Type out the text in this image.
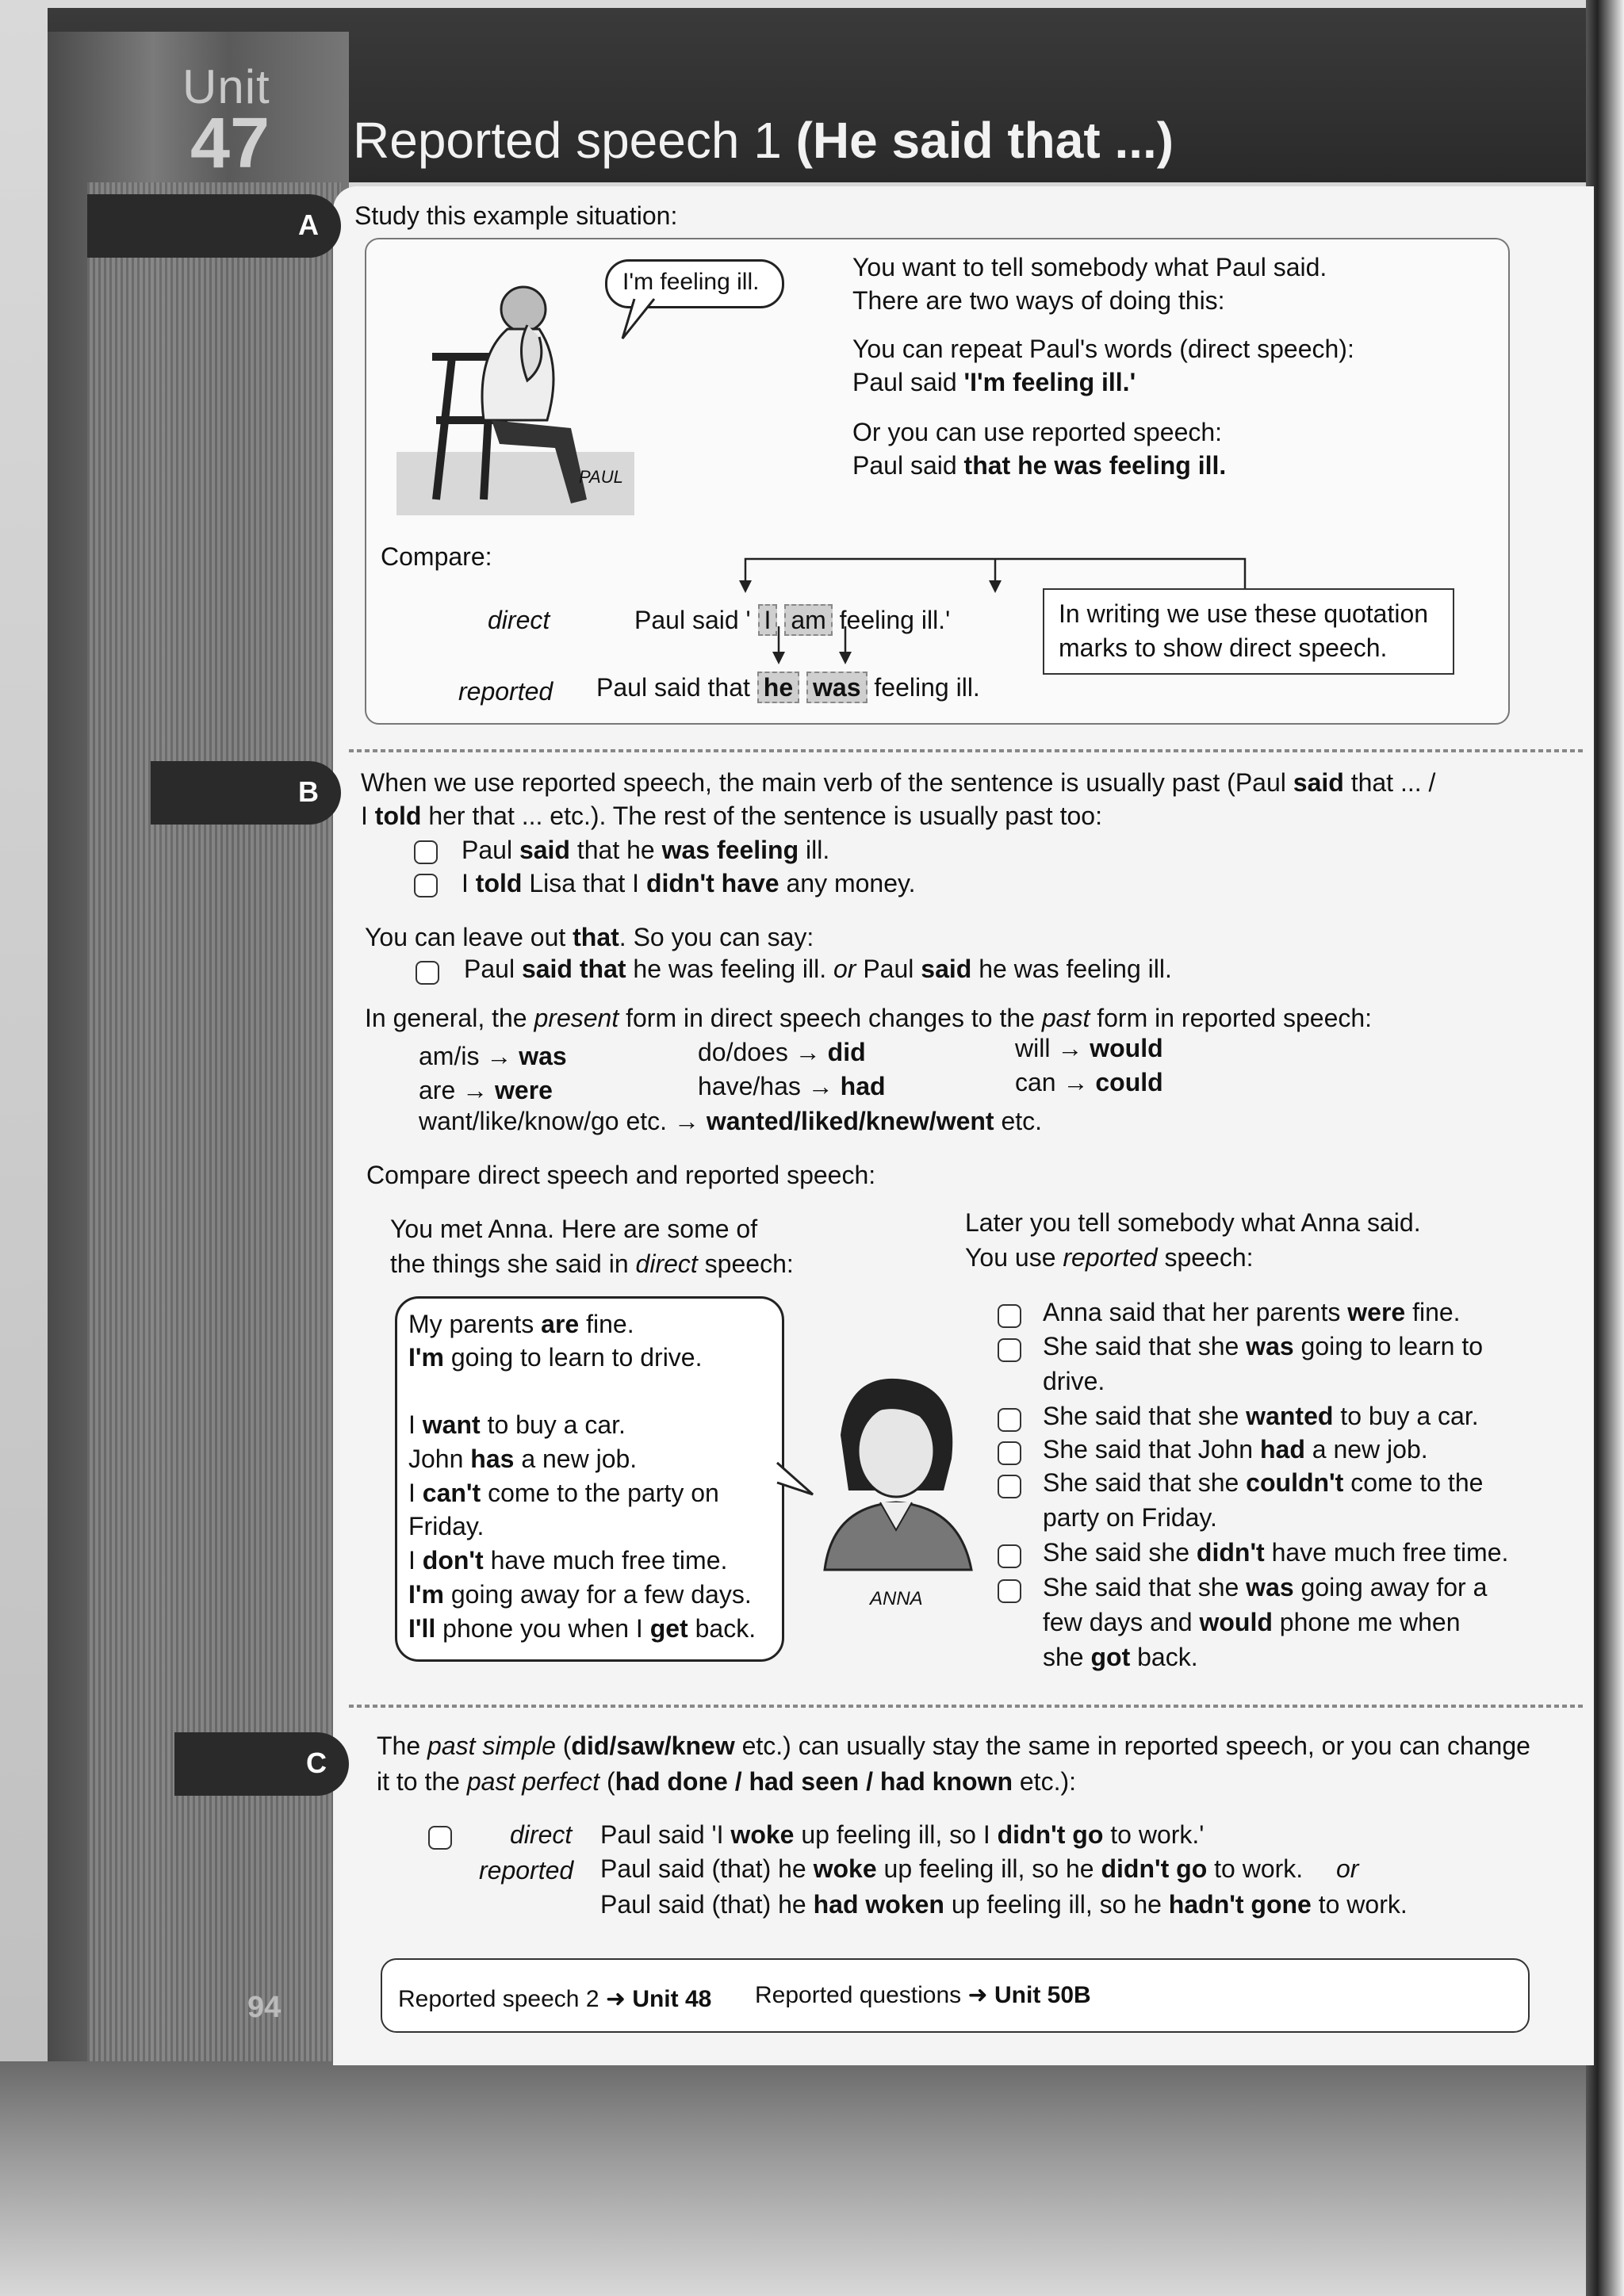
Unit
47 Reported speech 1 (He said that ...)
A
B
C
Study this example situation:
PAUL
I'm feeling ill.
You want to tell somebody what Paul said.
There are two ways of doing this:
You can repeat Paul's words (direct speech):
Paul said 'I'm feeling ill.'
Or you can use reported speech:
Paul said that he was feeling ill.
Compare:
direct	Paul said ' I am feeling ill.'
reported Paul said that he was feeling ill.
In writing we use these quotation
marks to show direct speech.
When we use reported speech, the main verb of the sentence is usually past (Paul said that ... /
I told her that ... etc.). The rest of the sentence is usually past too:
Paul said that he was feeling ill.
I told Lisa that I didn't have any money.
You can leave out that. So you can say:
Paul said that he was feeling ill. or Paul said he was feeling ill.
In general, the present form in direct speech changes to the past form in reported speech:
am/is → was	do/does → did	will → would
are → were	have/has → had	can → could
want/like/know/go etc. → wanted/liked/knew/went etc.
Compare direct speech and reported speech:
You met Anna. Here are some of
the things she said in direct speech:
Later you tell somebody what Anna said.
You use reported speech:
My parents are fine.
I'm going to learn to drive.
I want to buy a car.
John has a new job.
I can't come to the party on
Friday.
I don't have much free time.
I'm going away for a few days.
I'll phone you when I get back.
ANNA
Anna said that her parents were fine.
She said that she was going to learn to
drive.
She said that she wanted to buy a car.
She said that John had a new job.
She said that she couldn't come to the
party on Friday.
She said she didn't have much free time.
She said that she was going away for a
few days and would phone me when
she got back.
The past simple (did/saw/knew etc.) can usually stay the same in reported speech, or you can change
it to the past perfect (had done / had seen / had known etc.):
direct Paul said 'I woke up feeling ill, so I didn't go to work.'
reported Paul said (that) he woke up feeling ill, so he didn't go to work. or
Paul said (that) he had woken up feeling ill, so he hadn't gone to work.
Reported speech 2 ➜ Unit 48 Reported questions ➜ Unit 50B
94
